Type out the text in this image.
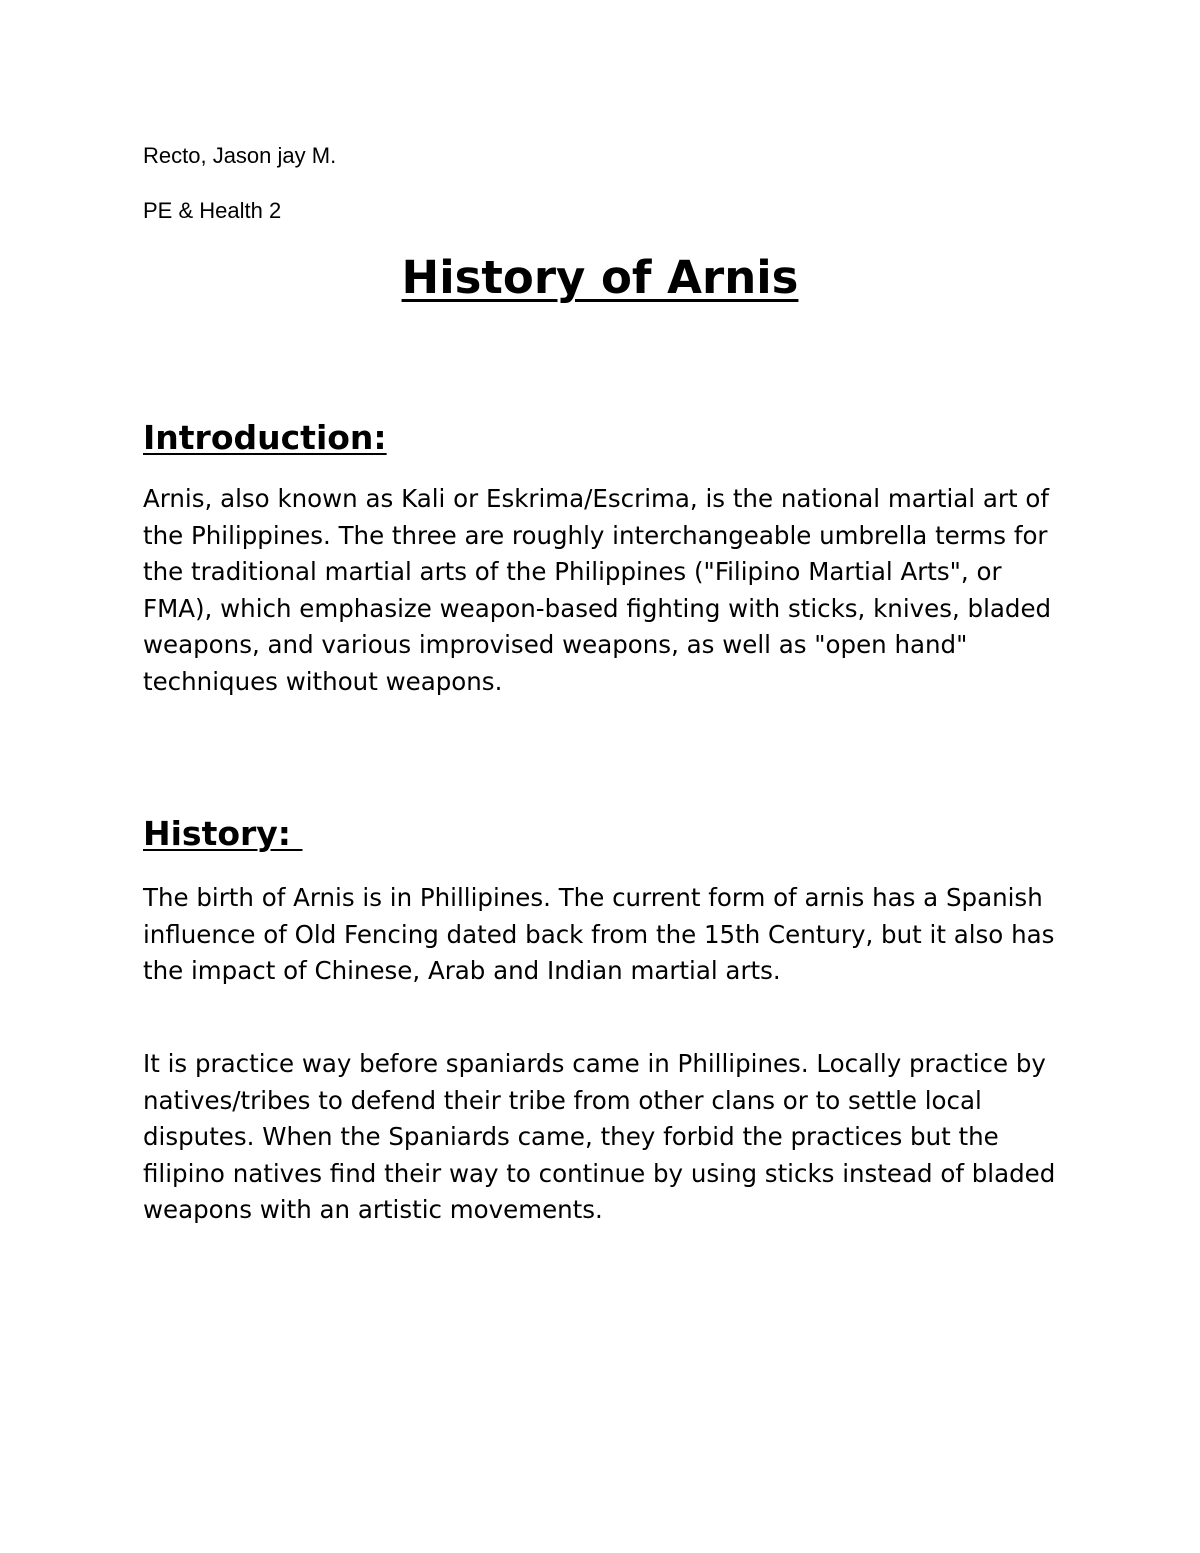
Recto, Jason jay M.

PE & Health 2

History of Arnis
Introduction:

Arnis, also known as Kali or Eskrima/Escrima, is the national martial art of the Philippines. The three are roughly interchangeable umbrella terms for the traditional martial arts of the Philippines ("Filipino Martial Arts", or FMA), which emphasize weapon-based fighting with sticks, knives, bladed weapons, and various improvised weapons, as well as "open hand" techniques without weapons.

History:

The birth of Arnis is in Phillipines. The current form of arnis has a Spanish influence of Old Fencing dated back from the 15th Century, but it also has the impact of Chinese, Arab and Indian martial arts.

It is practice way before spaniards came in Phillipines. Locally practice by natives/tribes to defend their tribe from other clans or to settle local disputes. When the Spaniards came, they forbid the practices but the filipino natives find their way to continue by using sticks instead of bladed weapons with an artistic movements.
